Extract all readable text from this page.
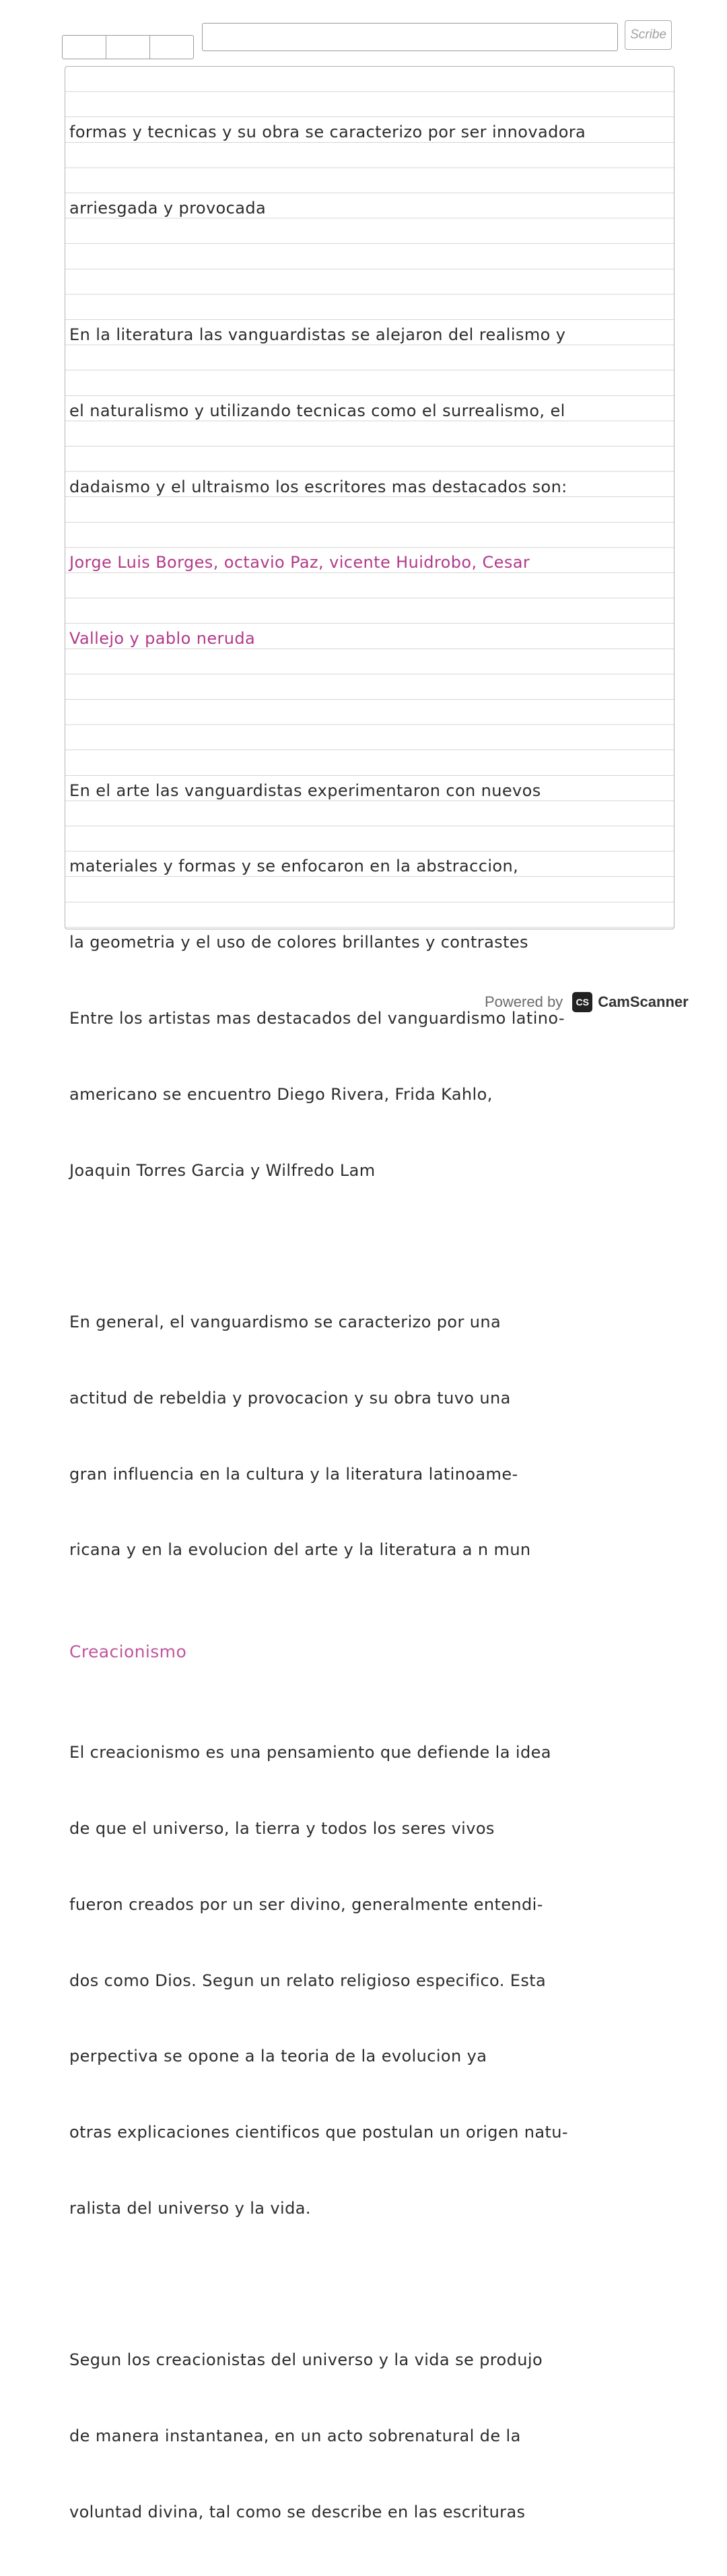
Scribe

formas y tecnicas y su obra se caracterizo por ser innovadora

arriesgada y provocada

En la literatura las vanguardistas se alejaron del realismo y

el naturalismo y utilizando tecnicas como el surrealismo, el

dadaismo y el ultraismo los escritores mas destacados son:

Jorge Luis Borges, octavio Paz, vicente Huidrobo, Cesar

Vallejo y pablo neruda

En el arte las vanguardistas experimentaron con nuevos

materiales y formas y se enfocaron en la abstraccion,

la geometria y el uso de colores brillantes y contrastes

Entre los artistas mas destacados del vanguardismo latino-

americano se encuentro Diego Rivera, Frida Kahlo,

Joaquin Torres Garcia y Wilfredo Lam

En general, el vanguardismo se caracterizo por una

actitud de rebeldia y provocacion y su obra tuvo una

gran influencia en la cultura y la literatura latinoame-

ricana y en la evolucion del arte y la literatura a n mun

Creacionismo

El creacionismo es una pensamiento que defiende la idea

de que el universo, la tierra y todos los seres vivos

fueron creados por un ser divino, generalmente entendi-

dos como Dios. Segun un relato religioso especifico. Esta

perpectiva se opone a la teoria de la evolucion ya

otras explicaciones cientificos que postulan un origen natu-

ralista del universo y la vida.

Segun los creacionistas del universo y la vida se produjo

de manera instantanea, en un acto sobrenatural de la

voluntad divina, tal como se describe en las escrituras

Powered by	CS CamScanner
